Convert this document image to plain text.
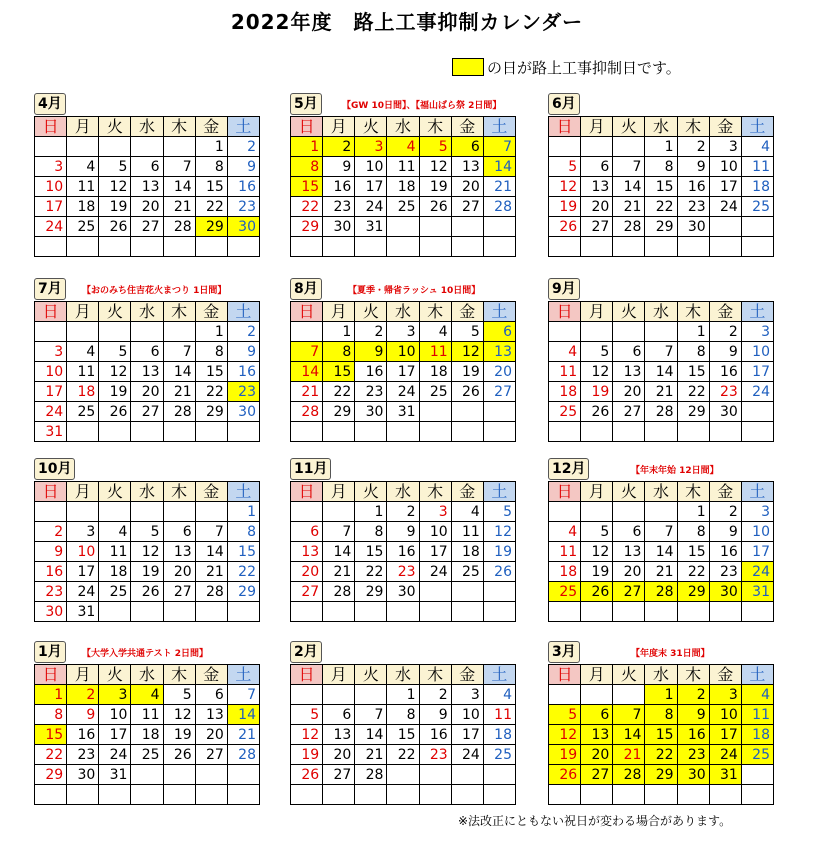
2022年度　路上工事抑制カレンダー
の日が路上工事抑制日です。
4月
日	月	火	水	木	金	土
					1	2
3	4	5	6	7	8	9
10	11	12	13	14	15	16
17	18	19	20	21	22	23
24	25	26	27	28	29	30

5月	【GW 10日間】、【福山ばら祭 2日間】
日	月	火	水	木	金	土
1	2	3	4	5	6	7
8	9	10	11	12	13	14
15	16	17	18	19	20	21
22	23	24	25	26	27	28
29	30	31				

6月
日	月	火	水	木	金	土
			1	2	3	4
5	6	7	8	9	10	11
12	13	14	15	16	17	18
19	20	21	22	23	24	25
26	27	28	29	30		

7月	【おのみち住吉花火まつり 1日間】
日	月	火	水	木	金	土
					1	2
3	4	5	6	7	8	9
10	11	12	13	14	15	16
17	18	19	20	21	22	23
24	25	26	27	28	29	30
31						
8月	【夏季・帰省ラッシュ 10日間】
日	月	火	水	木	金	土
	1	2	3	4	5	6
7	8	9	10	11	12	13
14	15	16	17	18	19	20
21	22	23	24	25	26	27
28	29	30	31			

9月
日	月	火	水	木	金	土
				1	2	3
4	5	6	7	8	9	10
11	12	13	14	15	16	17
18	19	20	21	22	23	24
25	26	27	28	29	30	

10月
日	月	火	水	木	金	土
						1
2	3	4	5	6	7	8
9	10	11	12	13	14	15
16	17	18	19	20	21	22
23	24	25	26	27	28	29
30	31					
11月
日	月	火	水	木	金	土
		1	2	3	4	5
6	7	8	9	10	11	12
13	14	15	16	17	18	19
20	21	22	23	24	25	26
27	28	29	30			

12月	【年末年始 12日間】
日	月	火	水	木	金	土
				1	2	3
4	5	6	7	8	9	10
11	12	13	14	15	16	17
18	19	20	21	22	23	24
25	26	27	28	29	30	31

1月	【大学入学共通テスト 2日間】
日	月	火	水	木	金	土
1	2	3	4	5	6	7
8	9	10	11	12	13	14
15	16	17	18	19	20	21
22	23	24	25	26	27	28
29	30	31				

2月
日	月	火	水	木	金	土
			1	2	3	4
5	6	7	8	9	10	11
12	13	14	15	16	17	18
19	20	21	22	23	24	25
26	27	28				

3月	【年度末 31日間】
日	月	火	水	木	金	土
			1	2	3	4
5	6	7	8	9	10	11
12	13	14	15	16	17	18
19	20	21	22	23	24	25
26	27	28	29	30	31	

※法改正にともない祝日が変わる場合があります。
